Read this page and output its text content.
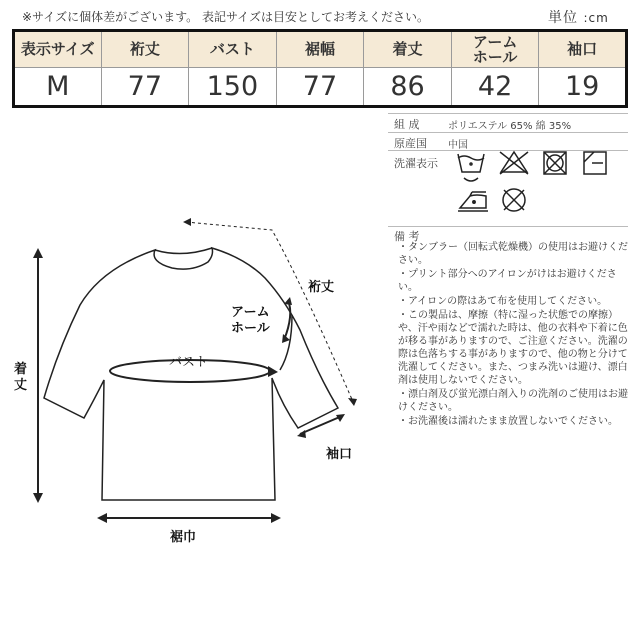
※サイズに個体差がございます。 表記サイズは目安としてお考えください。	単位 :cm
表示サイズ	裄丈	バスト	裾幅	着丈	アーム
ホール	袖口
M	77	150	77	86	42	19
組 成	ポリエステル 65% 綿 35%
原産国 中国
洗濯表示
備 考
・タンブラー（回転式乾燥機）の使用はお避けください。
・プリント部分へのアイロンがけはお避けください。
・アイロンの際はあて布を使用してください。
・この製品は、摩擦（特に湿った状態での摩擦）や、汗や雨などで濡れた時は、他の衣料や下着に色が移る事がありますので、ご注意ください。洗濯の際は色落ちする事がありますので、他の物と分けて洗濯してください。また、つまみ洗いは避け、漂白剤は使用しないでください。
・漂白剤及び蛍光漂白剤入りの洗剤のご使用はお避けください。
・お洗濯後は濡れたまま放置しないでください。
裄丈
アーム
ホール
バスト
着
丈
袖口
裾巾
